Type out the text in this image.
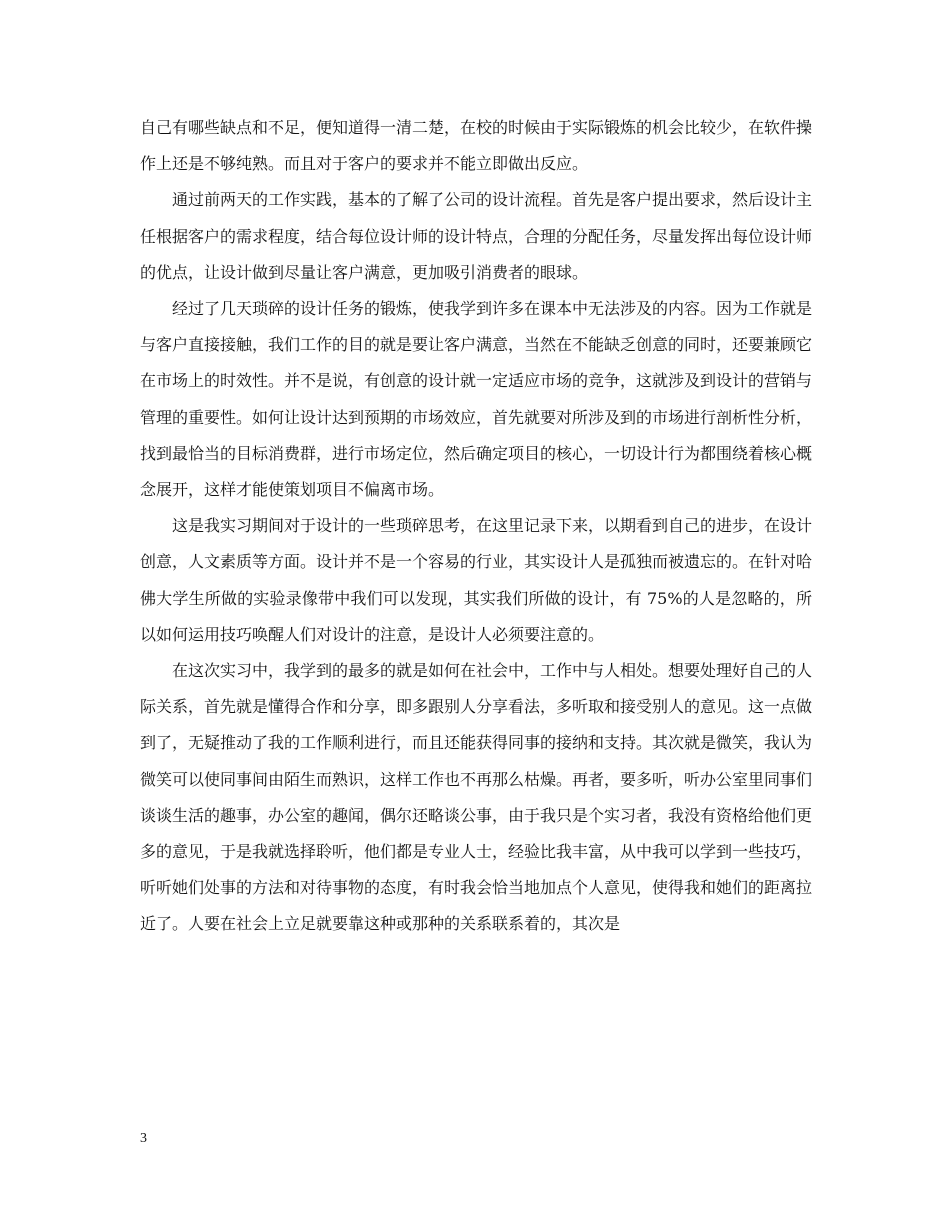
自己有哪些缺点和不足，便知道得一清二楚，在校的时候由于实际锻炼的机会比较少，在软件操作上还是不够纯熟。而且对于客户的要求并不能立即做出反应。

通过前两天的工作实践，基本的了解了公司的设计流程。首先是客户提出要求，然后设计主任根据客户的需求程度，结合每位设计师的设计特点，合理的分配任务，尽量发挥出每位设计师的优点，让设计做到尽量让客户满意，更加吸引消费者的眼球。

经过了几天琐碎的设计任务的锻炼，使我学到许多在课本中无法涉及的内容。因为工作就是与客户直接接触，我们工作的目的就是要让客户满意，当然在不能缺乏创意的同时，还要兼顾它在市场上的时效性。并不是说，有创意的设计就一定适应市场的竞争，这就涉及到设计的营销与管理的重要性。如何让设计达到预期的市场效应，首先就要对所涉及到的市场进行剖析性分析，找到最恰当的目标消费群，进行市场定位，然后确定项目的核心，一切设计行为都围绕着核心概念展开，这样才能使策划项目不偏离市场。

这是我实习期间对于设计的一些琐碎思考，在这里记录下来，以期看到自己的进步，在设计创意，人文素质等方面。设计并不是一个容易的行业，其实设计人是孤独而被遗忘的。在针对哈佛大学生所做的实验录像带中我们可以发现，其实我们所做的设计，有 75%的人是忽略的，所以如何运用技巧唤醒人们对设计的注意，是设计人必须要注意的。

在这次实习中，我学到的最多的就是如何在社会中，工作中与人相处。想要处理好自己的人际关系，首先就是懂得合作和分享，即多跟别人分享看法，多听取和接受别人的意见。这一点做到了，无疑推动了我的工作顺利进行，而且还能获得同事的接纳和支持。其次就是微笑，我认为微笑可以使同事间由陌生而熟识，这样工作也不再那么枯燥。再者，要多听，听办公室里同事们谈谈生活的趣事，办公室的趣闻，偶尔还略谈公事，由于我只是个实习者，我没有资格给他们更多的意见，于是我就选择聆听，他们都是专业人士，经验比我丰富，从中我可以学到一些技巧，听听她们处事的方法和对待事物的态度，有时我会恰当地加点个人意见，使得我和她们的距离拉近了。人要在社会上立足就要靠这种或那种的关系联系着的，其次是

3
